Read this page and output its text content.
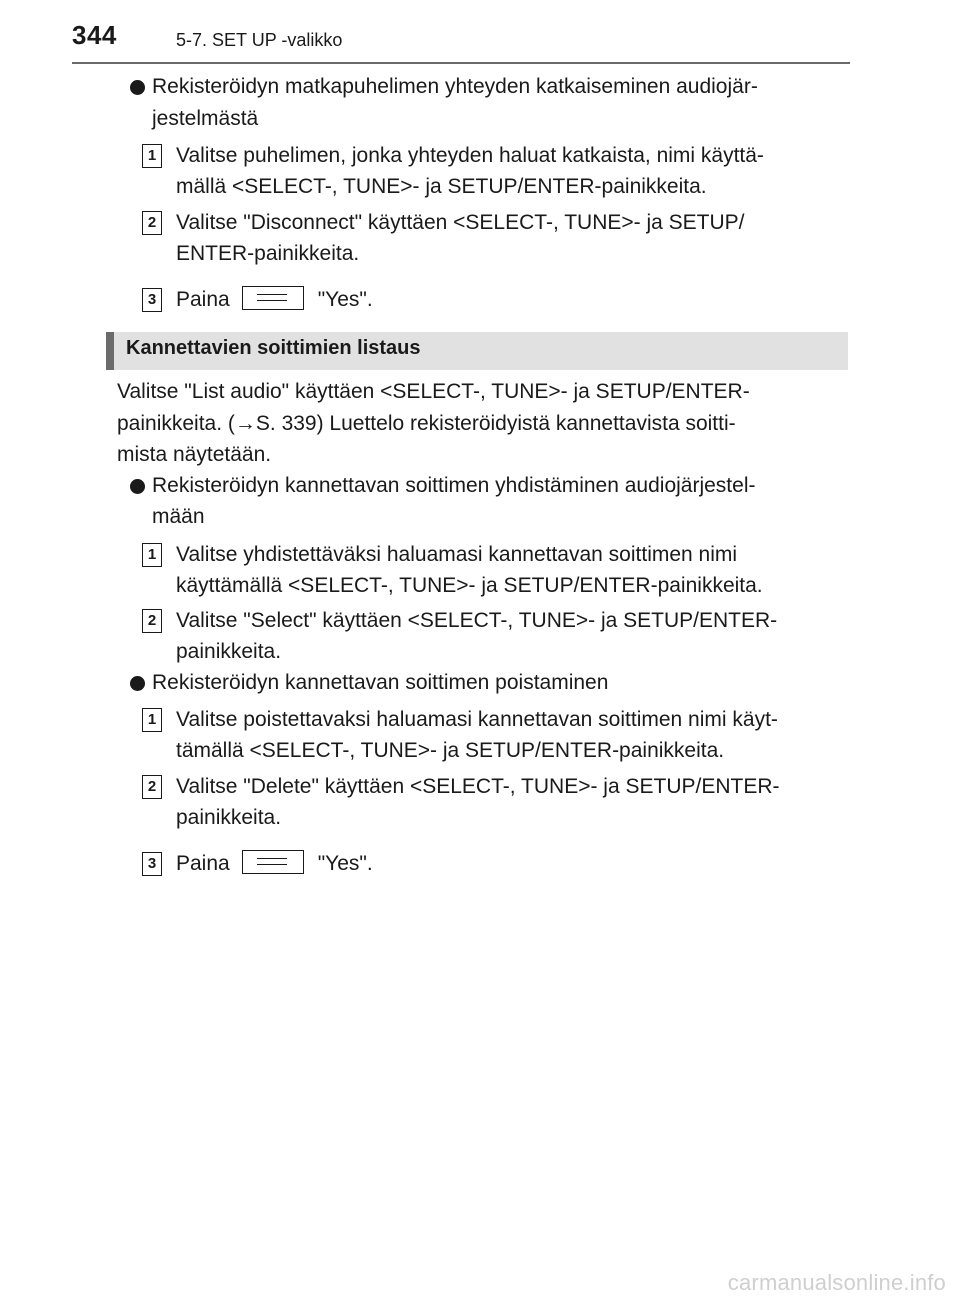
344	5-7. SET UP -valikko
Rekisteröidyn matkapuhelimen yhteyden katkaiseminen audiojär-
jestelmästä
1 Valitse puhelimen, jonka yhteyden haluat katkaista, nimi käyttä-
mällä <SELECT-, TUNE>- ja SETUP/ENTER-painikkeita.
2 Valitse "Disconnect" käyttäen <SELECT-, TUNE>- ja SETUP/
ENTER-painikkeita.
3 Paina	"Yes".
Kannettavien soittimien listaus
Valitse "List audio" käyttäen <SELECT-, TUNE>- ja SETUP/ENTER-
painikkeita. (→S. 339) Luettelo rekisteröidyistä kannettavista soitti-
mista näytetään.
Rekisteröidyn kannettavan soittimen yhdistäminen audiojärjestel-
mään
1 Valitse yhdistettäväksi haluamasi kannettavan soittimen nimi
käyttämällä <SELECT-, TUNE>- ja SETUP/ENTER-painikkeita.
2 Valitse "Select" käyttäen <SELECT-, TUNE>- ja SETUP/ENTER-
painikkeita.
Rekisteröidyn kannettavan soittimen poistaminen
1 Valitse poistettavaksi haluamasi kannettavan soittimen nimi käyt-
tämällä <SELECT-, TUNE>- ja SETUP/ENTER-painikkeita.
2 Valitse "Delete" käyttäen <SELECT-, TUNE>- ja SETUP/ENTER-
painikkeita.
3 Paina	"Yes".
carmanualsonline.info
